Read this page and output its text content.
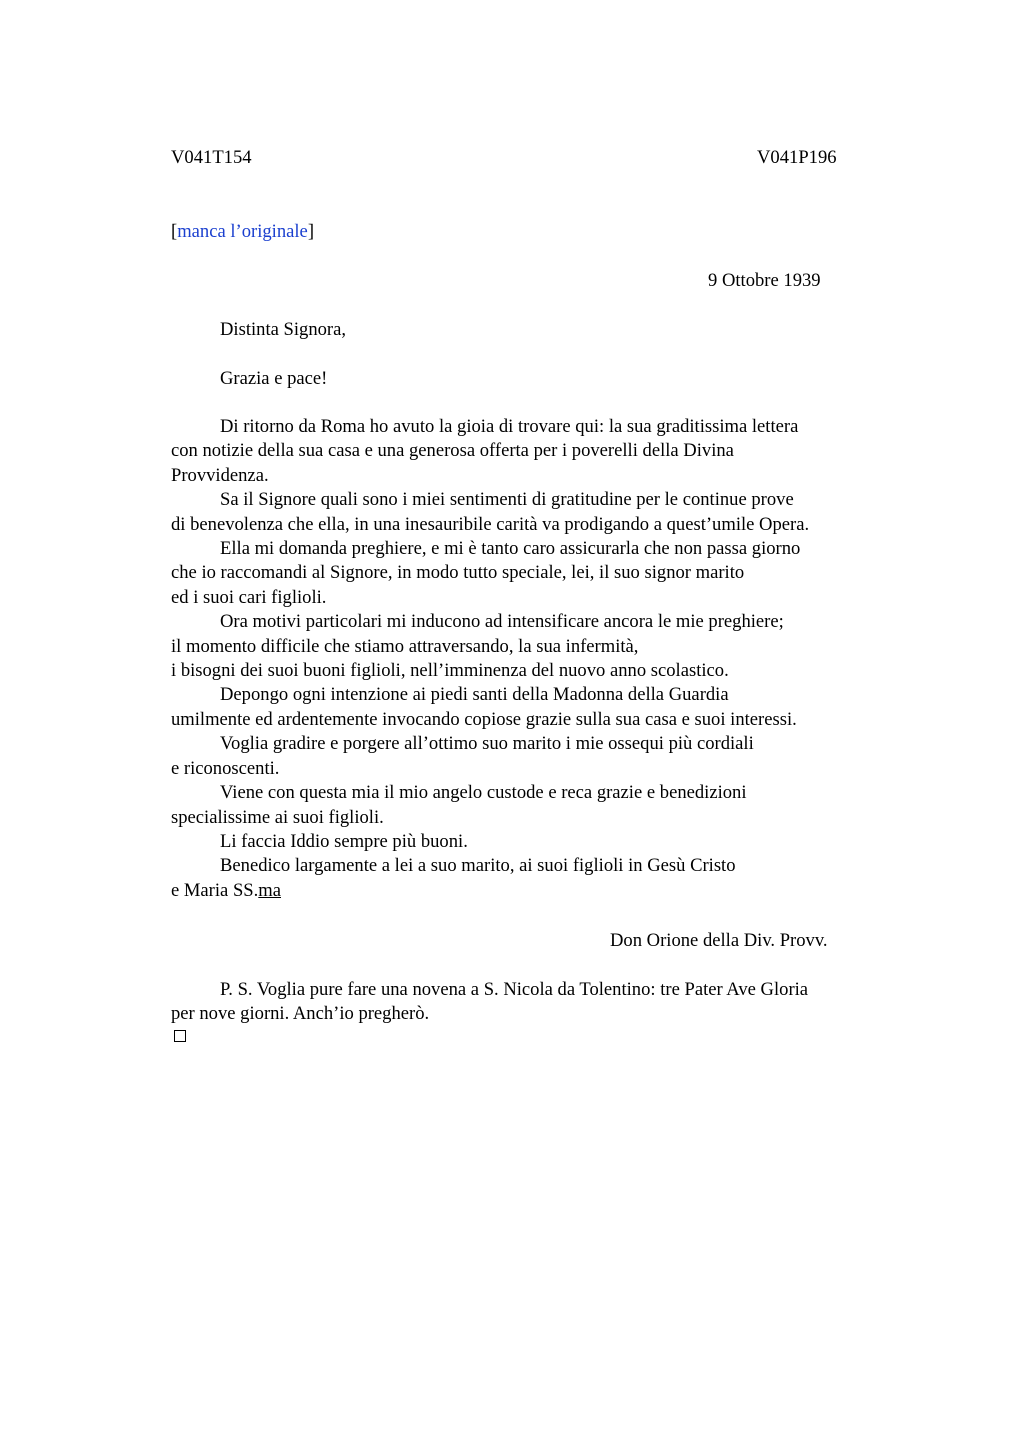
V041T154	V041P196
[manca l’originale]
9 Ottobre 1939
Distinta Signora,
Grazia e pace!
Di ritorno da Roma ho avuto la gioia di trovare qui: la sua graditissima lettera
con notizie della sua casa e una generosa offerta per i poverelli della Divina
Provvidenza.
Sa il Signore quali sono i miei sentimenti di gratitudine per le continue prove
di benevolenza che ella, in una inesauribile carità va prodigando a quest’umile Opera.
Ella mi domanda preghiere, e mi è tanto caro assicurarla che non passa giorno
che io raccomandi al Signore, in modo tutto speciale, lei, il suo signor marito
ed i suoi cari figlioli.
Ora motivi particolari mi inducono ad intensificare ancora le mie preghiere;
il momento difficile che stiamo attraversando, la sua infermità,
i bisogni dei suoi buoni figlioli, nell’imminenza del nuovo anno scolastico.
Depongo ogni intenzione ai piedi santi della Madonna della Guardia
umilmente ed ardentemente invocando copiose grazie sulla sua casa e suoi interessi.
Voglia gradire e porgere all’ottimo suo marito i mie ossequi più cordiali
e riconoscenti.
Viene con questa mia il mio angelo custode e reca grazie e benedizioni
specialissime ai suoi figlioli.
Li faccia Iddio sempre più buoni.
Benedico largamente a lei a suo marito, ai suoi figlioli in Gesù Cristo
e Maria SS.ma
Don Orione della Div. Provv.
P. S. Voglia pure fare una novena a S. Nicola da Tolentino: tre Pater Ave Gloria
per nove giorni. Anch’io pregherò.
